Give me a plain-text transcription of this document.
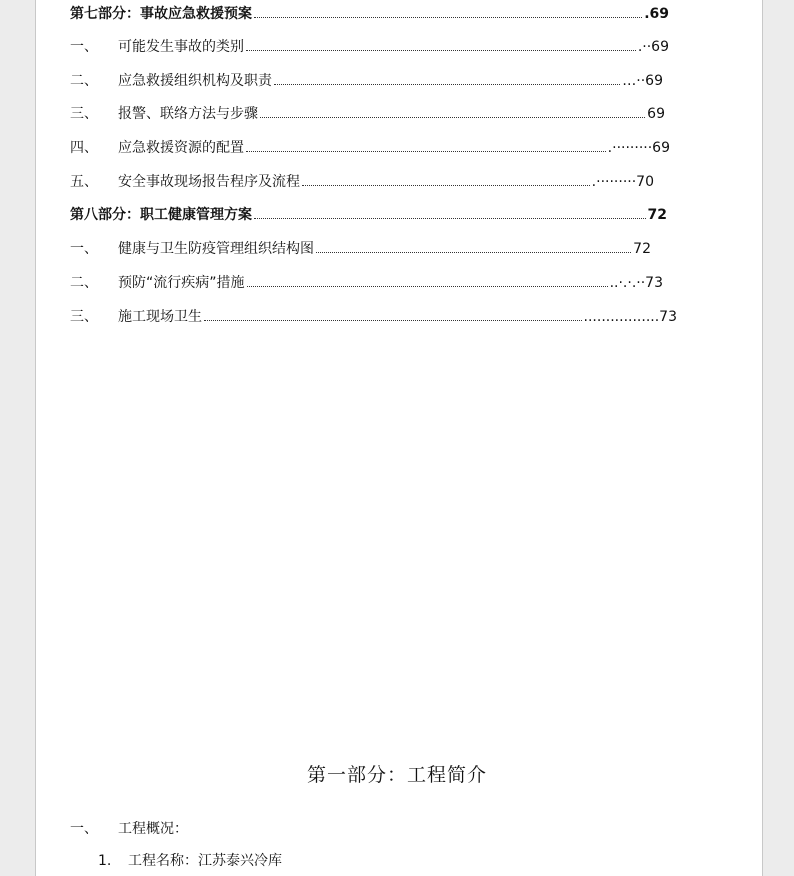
第七部分：事故应急救援预案	.69
一、	可能发生事故的类别	.··69
二、	应急救援组织机构及职责	…··69
三、	报警、联络方法与步骤	69
四、	应急救援资源的配置	.·········69
五、	安全事故现场报告程序及流程	.·········70
第八部分：职工健康管理方案	72
一、	健康与卫生防疫管理组织结构图	72
二、	预防“流行疾病”措施	..·.·.··73
三、	施工现场卫生	.................73
一、 工程概况：
1. 工程名称：江苏泰兴冷库
第一部分：工程简介
